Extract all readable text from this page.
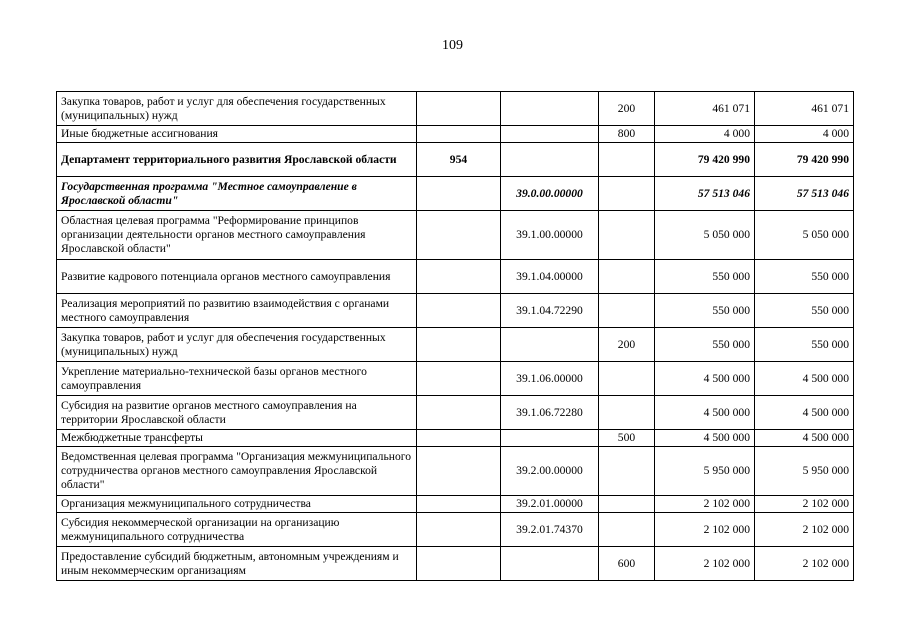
109
Закупка товаров, работ и услуг для обеспечения государственных (муниципальных) нужд			200	461 071	461 071
Иные бюджетные ассигнования			800	4 000	4 000
Департамент территориального развития Ярославской области	954			79 420 990	79 420 990
Государственная программа "Местное самоуправление в Ярославской области"		39.0.00.00000		57 513 046	57 513 046
Областная целевая программа "Реформирование принципов организации деятельности органов местного самоуправления Ярославской области"		39.1.00.00000		5 050 000	5 050 000
Развитие кадрового потенциала органов местного самоуправления		39.1.04.00000		550 000	550 000
Реализация мероприятий по развитию взаимодействия с органами местного самоуправления		39.1.04.72290		550 000	550 000
Закупка товаров, работ и услуг для обеспечения государственных (муниципальных) нужд			200	550 000	550 000
Укрепление материально-технической базы органов местного самоуправления		39.1.06.00000		4 500 000	4 500 000
Субсидия на развитие органов местного самоуправления на территории Ярославской области		39.1.06.72280		4 500 000	4 500 000
Межбюджетные трансферты			500	4 500 000	4 500 000
Ведомственная целевая программа "Организация межмуниципального сотрудничества органов местного самоуправления Ярославской области"		39.2.00.00000		5 950 000	5 950 000
Организация межмуниципального сотрудничества		39.2.01.00000		2 102 000	2 102 000
Субсидия некоммерческой организации на организацию межмуниципального сотрудничества		39.2.01.74370		2 102 000	2 102 000
Предоставление субсидий бюджетным, автономным учреждениям и иным некоммерческим организациям			600	2 102 000	2 102 000
